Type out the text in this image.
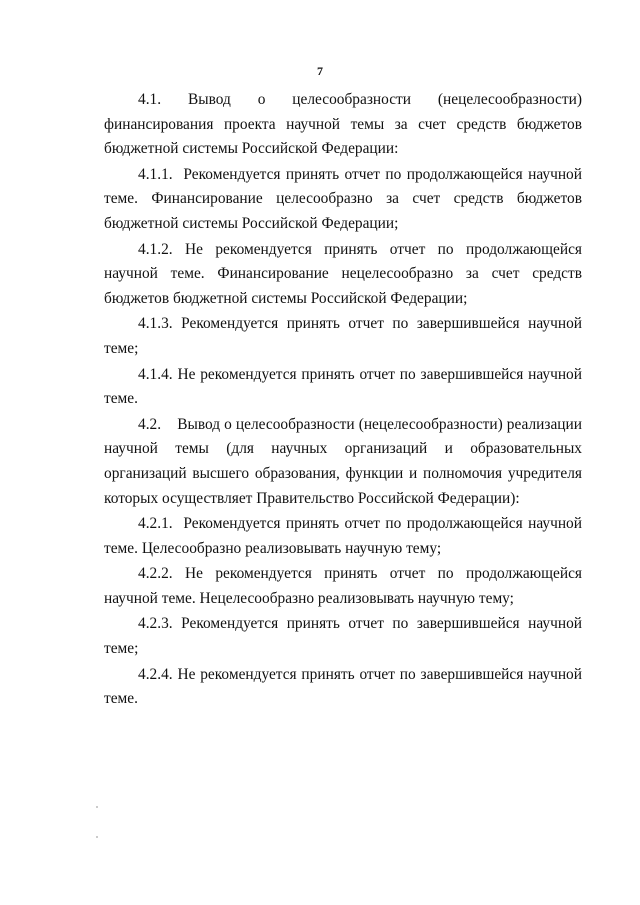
7

4.1. Вывод о целесообразности (нецелесообразности)

финансирования проекта научной темы за счет средств бюджетов бюджетной системы Российской Федерации:

4.1.1. Рекомендуется принять отчет по продолжающейся научной теме. Финансирование целесообразно за счет средств бюджетов бюджетной системы Российской Федерации;

4.1.2. Не рекомендуется принять отчет по продолжающейся научной теме. Финансирование нецелесообразно за счет средств бюджетов бюджетной системы Российской Федерации;

4.1.3. Рекомендуется принять отчет по завершившейся научной теме;

4.1.4. Не рекомендуется принять отчет по завершившейся научной теме.

4.2. Вывод о целесообразности (нецелесообразности) реализации научной темы (для научных организаций и образовательных организаций высшего образования, функции и полномочия учредителя которых осуществляет Правительство Российской Федерации):

4.2.1. Рекомендуется принять отчет по продолжающейся научной теме. Целесообразно реализовывать научную тему;

4.2.2. Не рекомендуется принять отчет по продолжающейся научной теме. Нецелесообразно реализовывать научную тему;

4.2.3. Рекомендуется принять отчет по завершившейся научной теме;

4.2.4. Не рекомендуется принять отчет по завершившейся научной теме.
